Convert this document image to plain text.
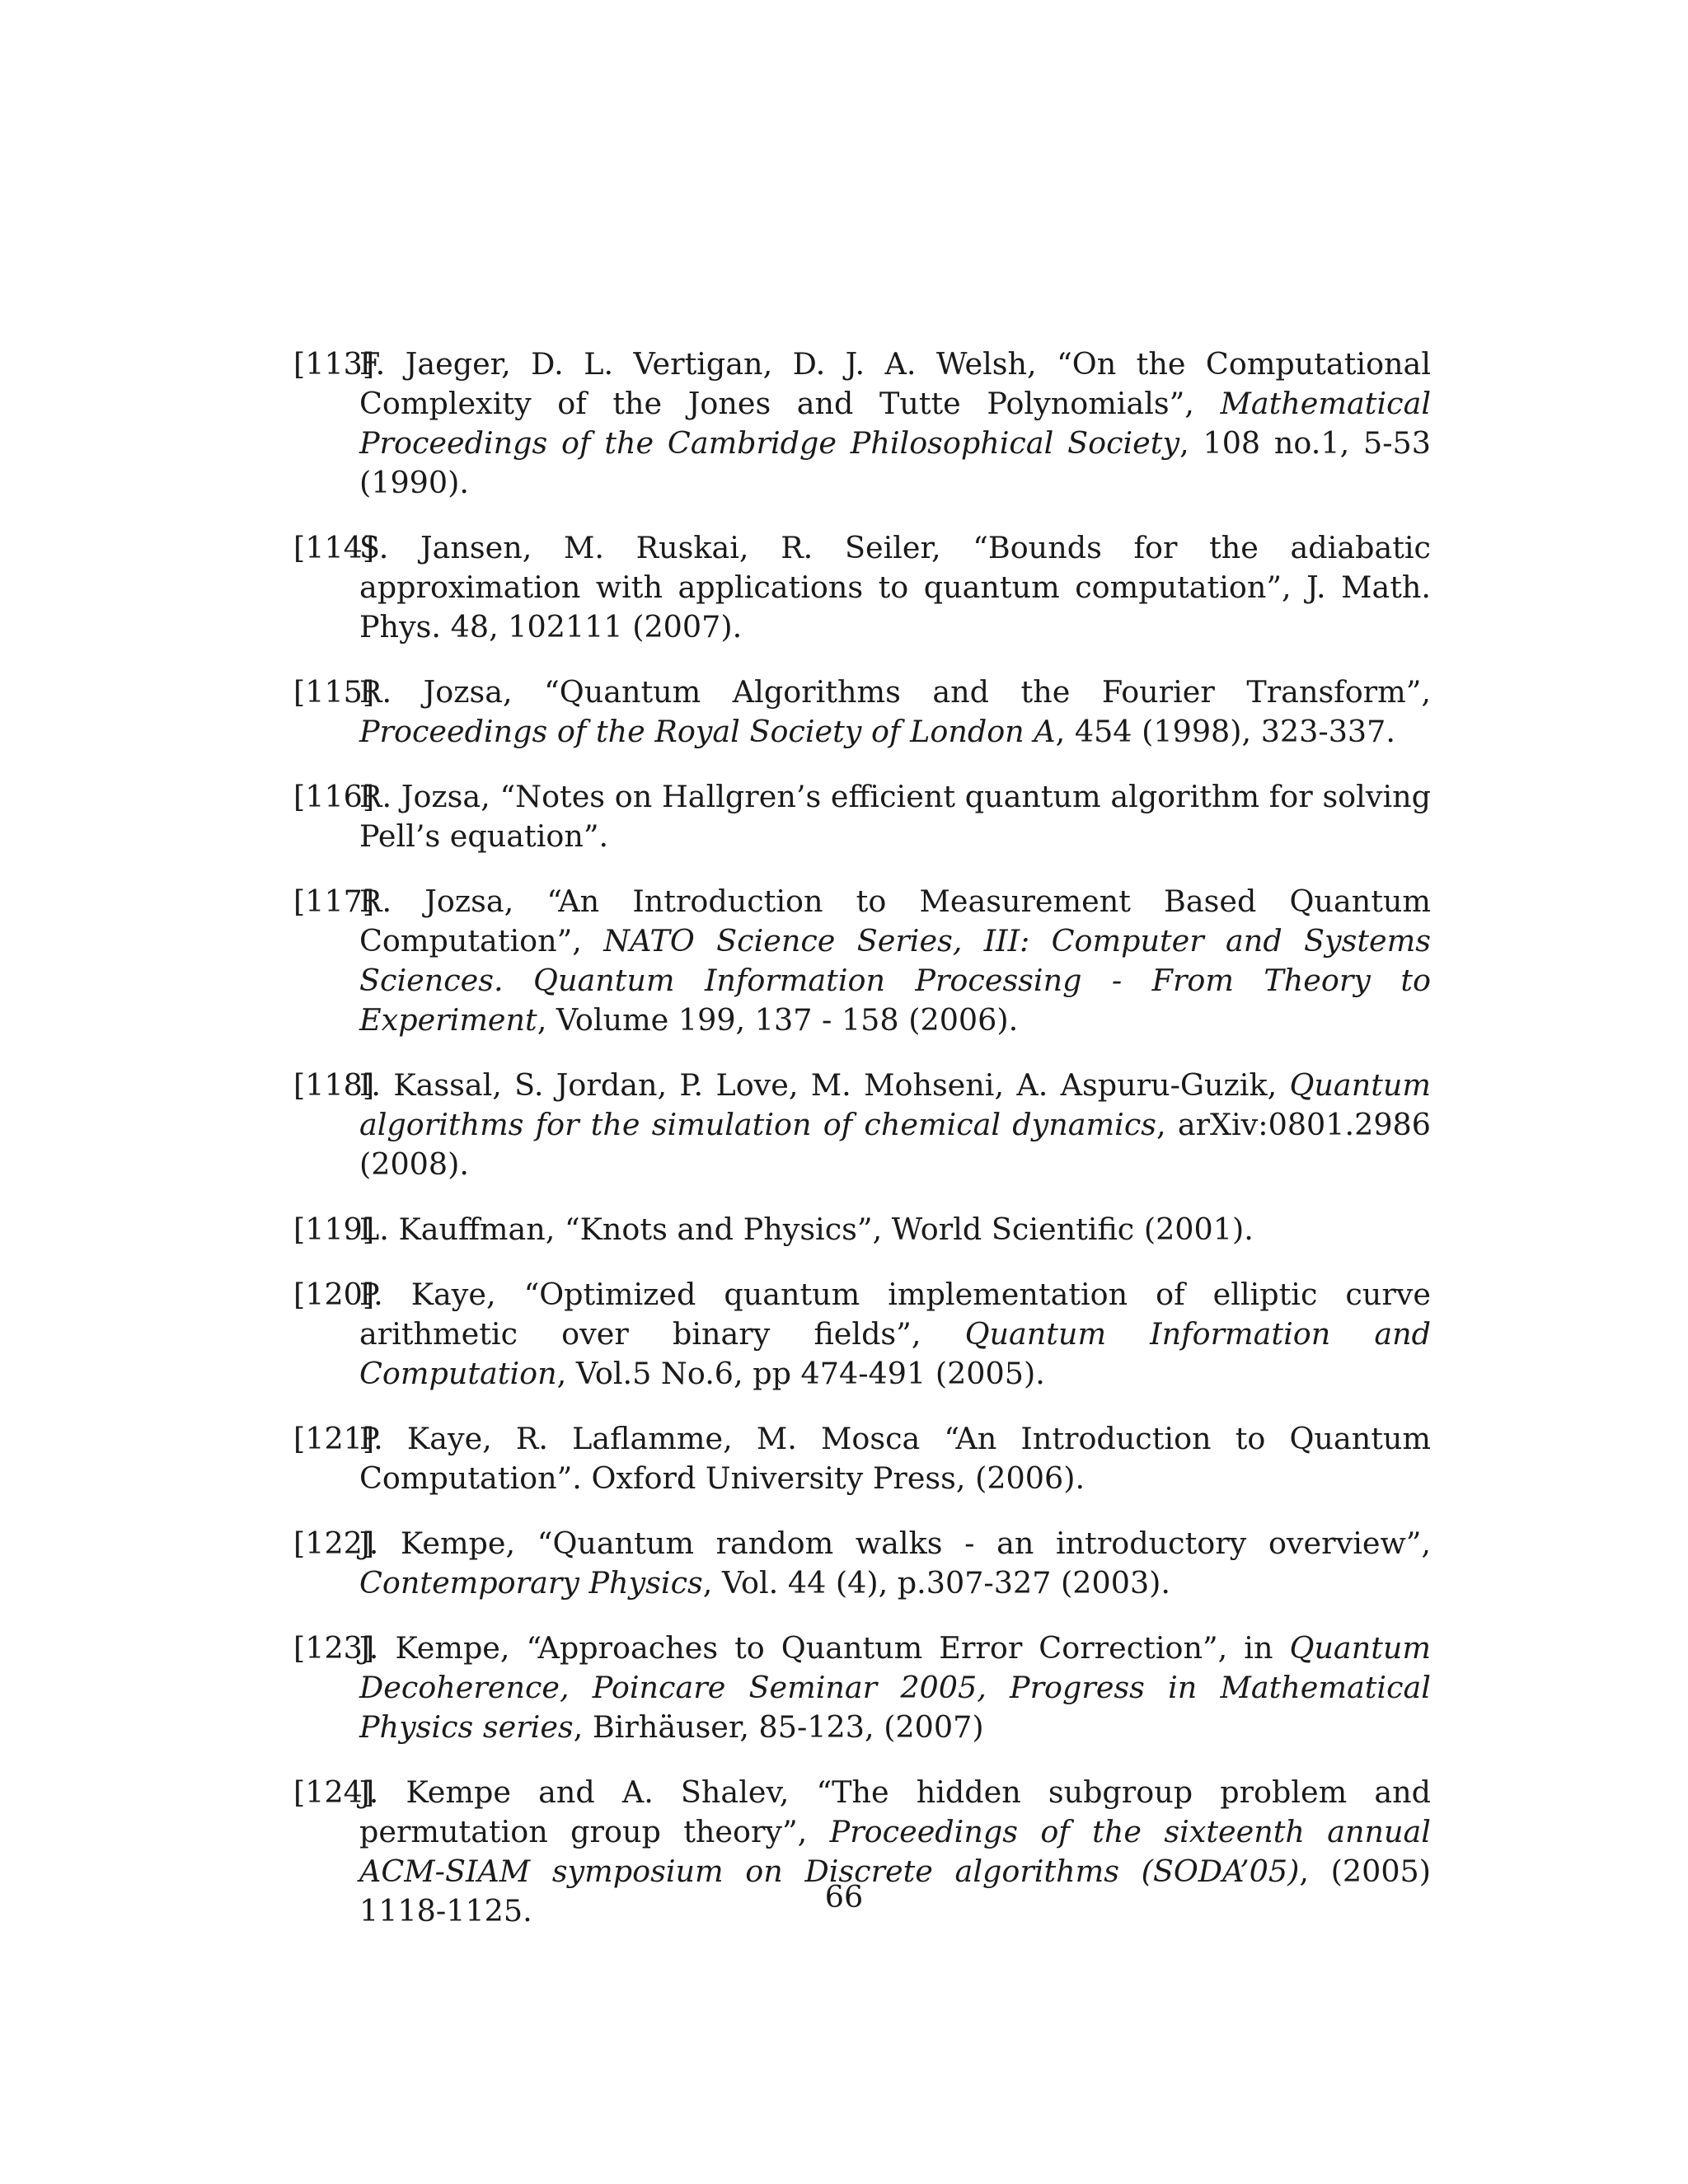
[113]
F. Jaeger, D. L. Vertigan, D. J. A. Welsh, “On the Computational Complexity of the Jones and Tutte Polynomials”, Mathematical Proceedings of the Cambridge Philosophical Society, 108 no.1, 5-53 (1990).
[114]
S. Jansen, M. Ruskai, R. Seiler, “Bounds for the adiabatic approximation with applications to quantum computation”, J. Math. Phys. 48, 102111 (2007).
[115]
R. Jozsa, “Quantum Algorithms and the Fourier Transform”, Proceedings of the Royal Society of London A, 454 (1998), 323-337.
[116]
R. Jozsa, “Notes on Hallgren’s efficient quantum algorithm for solving Pell’s equation”.
[117]
R. Jozsa, “An Introduction to Measurement Based Quantum Computation”, NATO Science Series, III: Computer and Systems Sciences. Quantum Information Processing - From Theory to Experiment, Volume 199, 137 - 158 (2006).
[118]
I. Kassal, S. Jordan, P. Love, M. Mohseni, A. Aspuru-Guzik, Quantum algorithms for the simulation of chemical dynamics, arXiv:0801.2986 (2008).
[119]
L. Kauffman, “Knots and Physics”, World Scientific (2001).
[120]
P. Kaye, “Optimized quantum implementation of elliptic curve arithmetic over binary fields”, Quantum Information and Computation, Vol.5 No.6, pp 474-491 (2005).
[121]
P. Kaye, R. Laflamme, M. Mosca “An Introduction to Quantum Computation”. Oxford University Press, (2006).
[122]
J. Kempe, “Quantum random walks - an introductory overview”, Contemporary Physics, Vol. 44 (4), p.307-327 (2003).
[123]
J. Kempe, “Approaches to Quantum Error Correction”, in Quantum Decoherence, Poincare Seminar 2005, Progress in Mathematical Physics series, Birhäuser, 85-123, (2007)
[124]
J. Kempe and A. Shalev, “The hidden subgroup problem and permutation group theory”, Proceedings of the sixteenth annual ACM-SIAM symposium on Discrete algorithms (SODA’05), (2005) 1118-1125.	66
